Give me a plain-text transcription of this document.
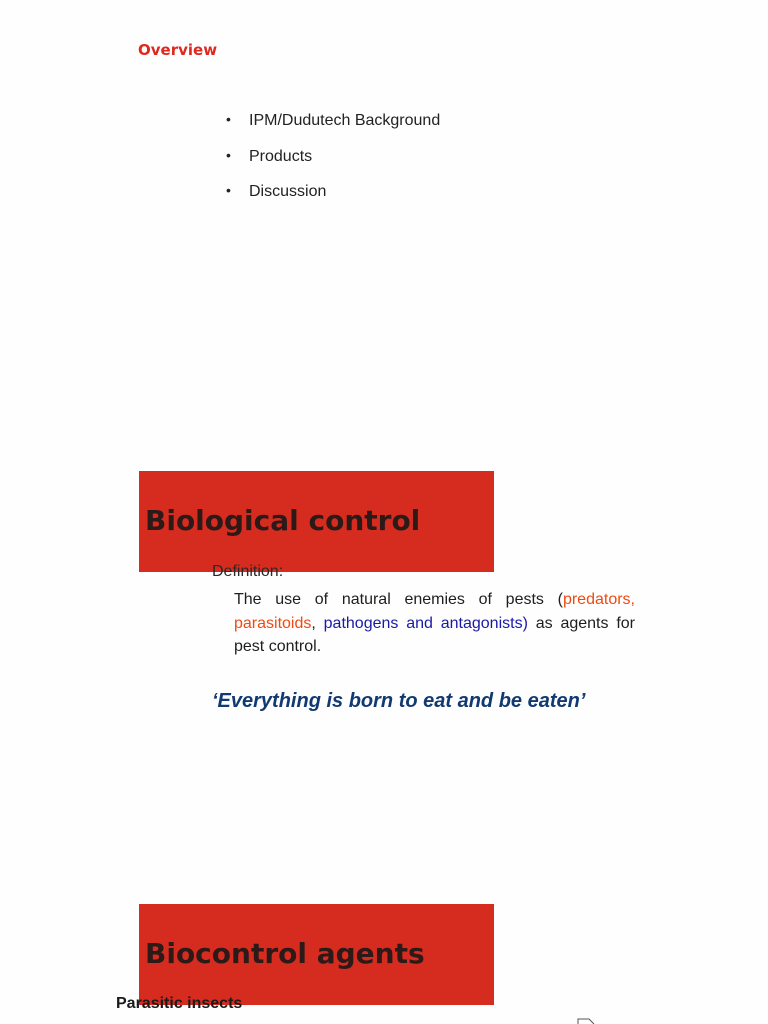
Overview
• IPM/Dudutech Background
• Products
• Discussion
Biological control
Definition:
The use of natural enemies of pests (predators, parasitoids, pathogens and antagonists) as agents for pest control.
‘Everything is born to eat and be eaten’
Biocontrol agents
Parasitic insects
